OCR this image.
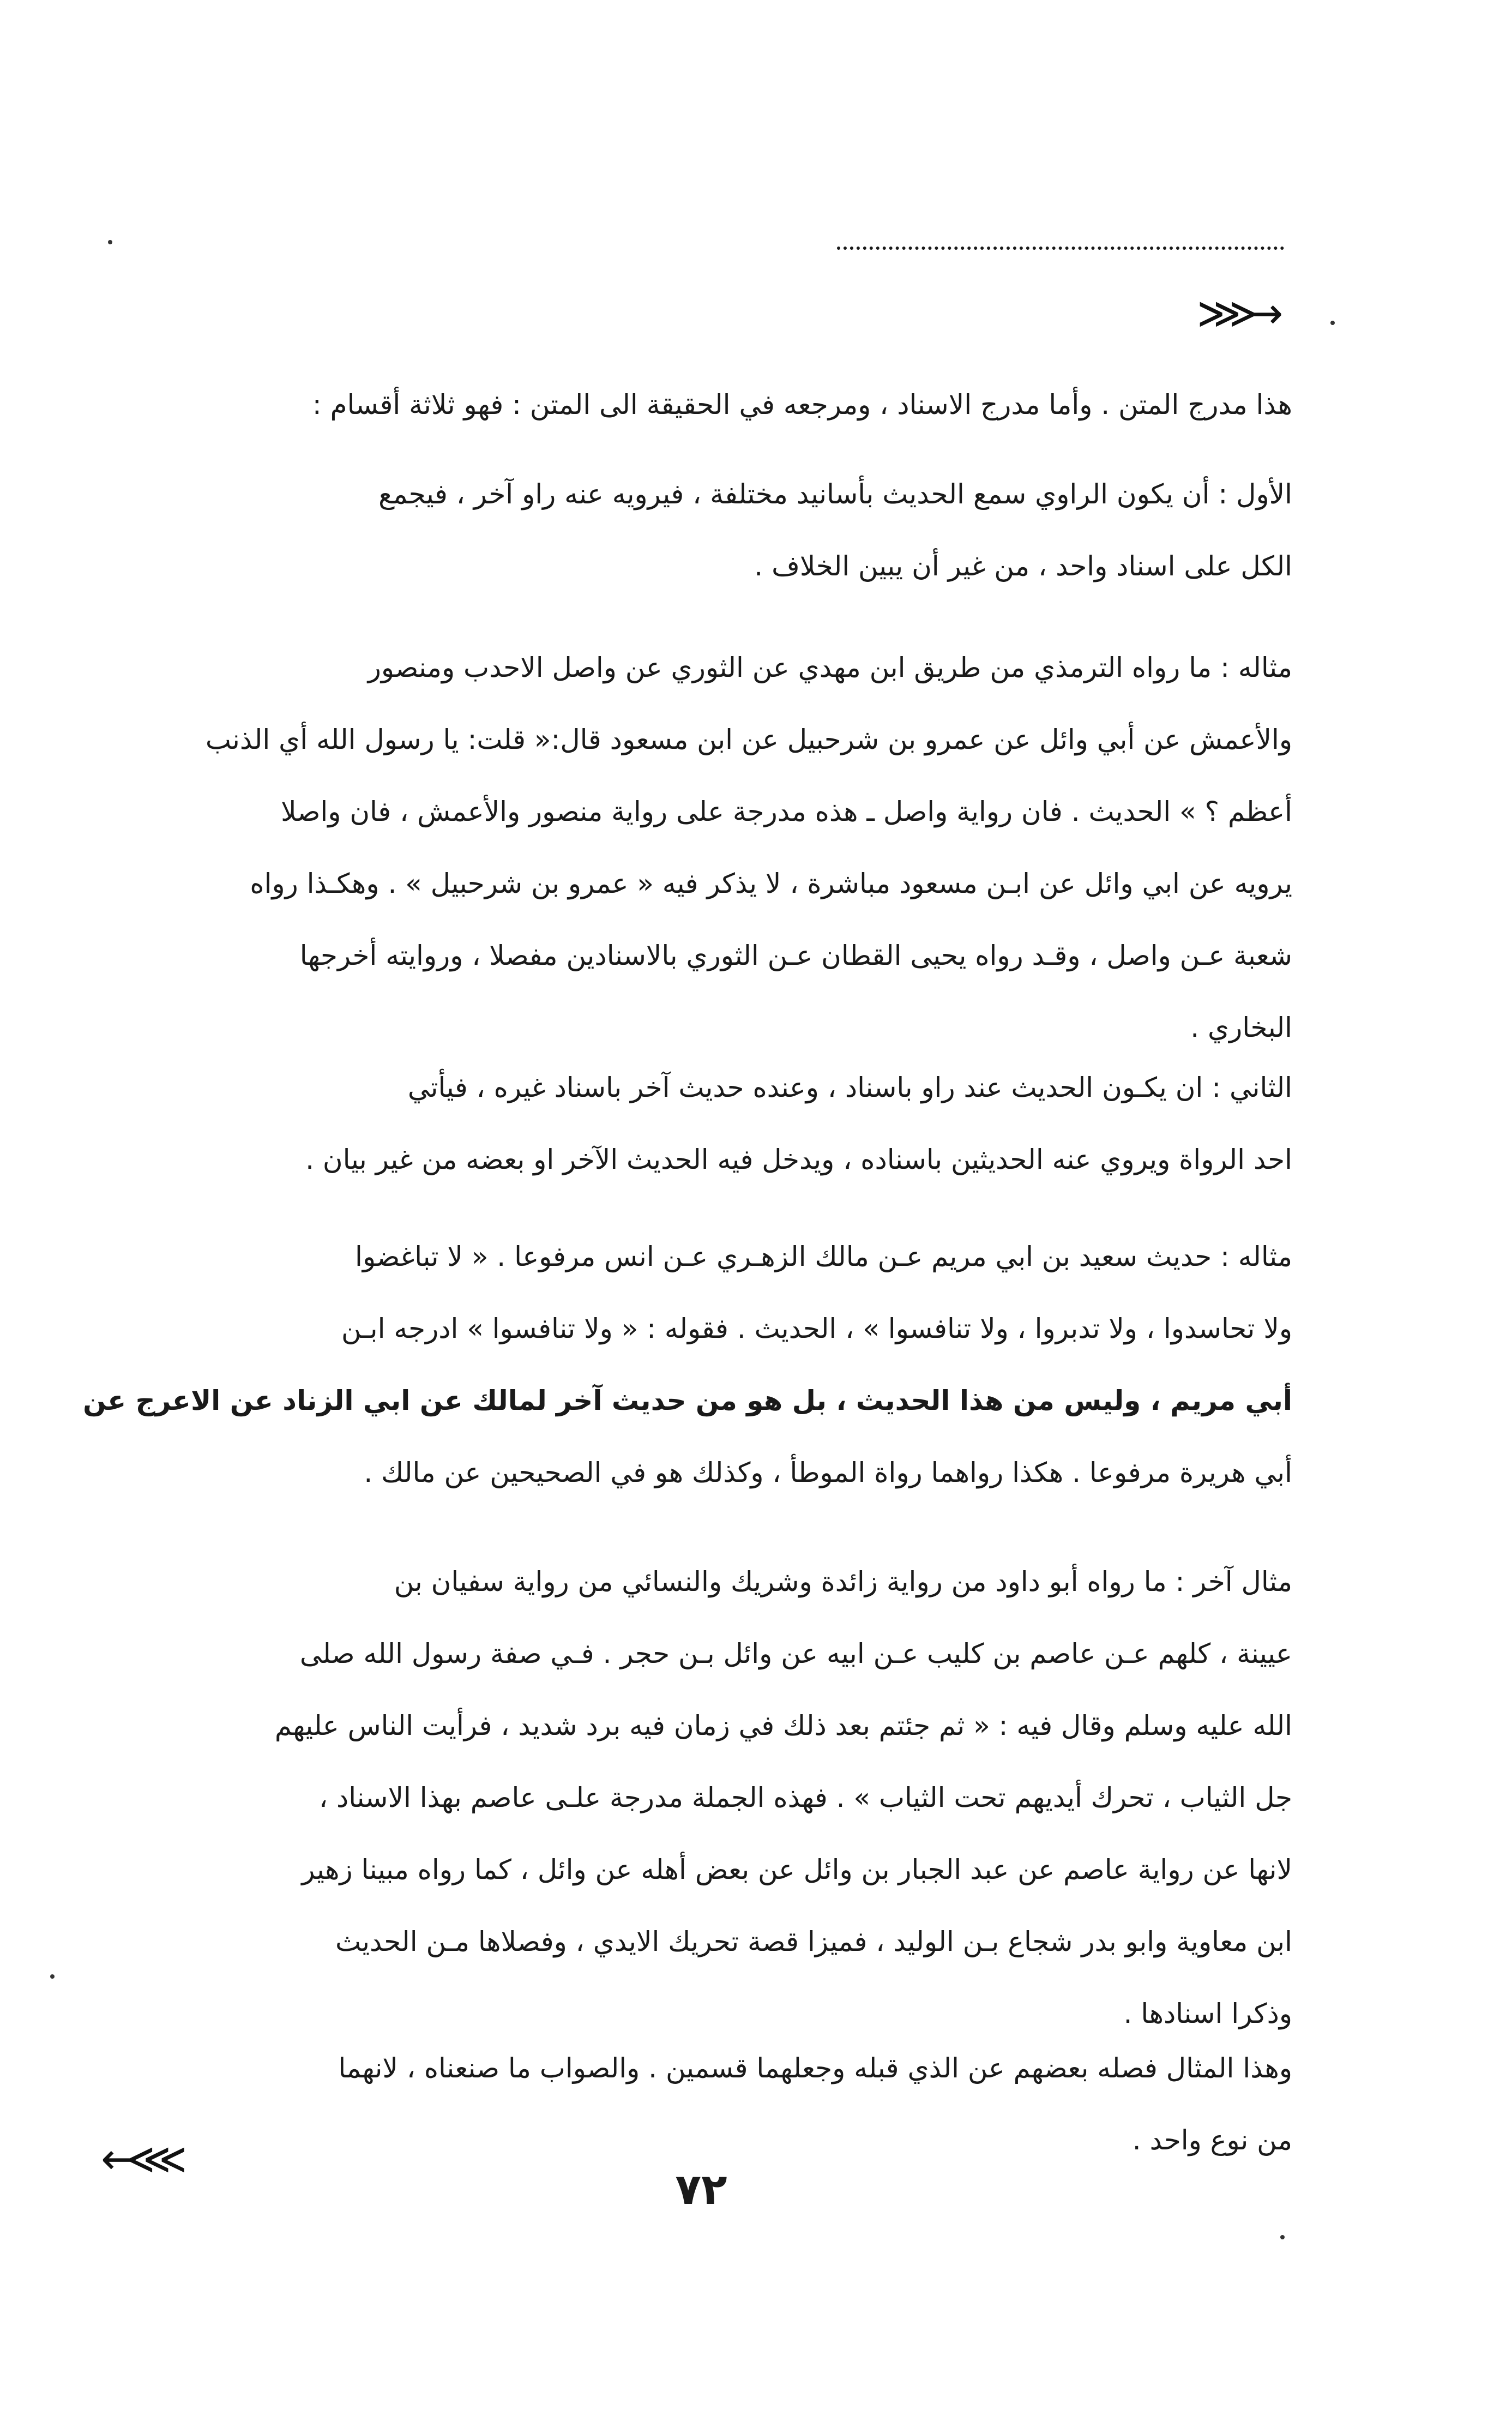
⋙→
هذا مدرج المتن . وأما مدرج الاسناد ، ومرجعه في الحقيقة الى المتن : فهو ثلاثة أقسام :
الأول : أن يكون الراوي سمع الحديث بأسانيد مختلفة ، فيرويه عنه راو آخر ، فيجمع
الكل على اسناد واحد ، من غير أن يبين الخلاف .
مثاله : ما رواه الترمذي من طريق ابن مهدي عن الثوري عن واصل الاحدب ومنصور
والأعمش عن أبي وائل عن عمرو بن شرحبيل عن ابن مسعود قال:« قلت: يا رسول الله أي الذنب
أعظم ؟ » الحديث . فان رواية واصل ـ هذه مدرجة على رواية منصور والأعمش ، فان واصلا
يرويه عن ابي وائل عن ابـن مسعود مباشرة ، لا يذكر فيه « عمرو بن شرحبيل » . وهكـذا رواه
شعبة عـن واصل ، وقـد رواه يحيى القطان عـن الثوري بالاسنادين مفصلا ، وروايته أخرجها
البخاري .
الثاني : ان يكـون الحديث عند راو باسناد ، وعنده حديث آخر باسناد غيره ، فيأتي
احد الرواة ويروي عنه الحديثين باسناده ، ويدخل فيه الحديث الآخر او بعضه من غير بيان .
مثاله : حديث سعيد بن ابي مريم عـن مالك الزهـري عـن انس مرفوعا . « لا تباغضوا
ولا تحاسدوا ، ولا تدبروا ، ولا تنافسوا » ، الحديث . فقوله : « ولا تنافسوا » ادرجه ابـن
أبي مريم ، وليس من هذا الحديث ، بل هو من حديث آخر لمالك عن ابي الزناد عن الاعرج عن
أبي هريرة مرفوعا . هكذا رواهما رواة الموطأ ، وكذلك هو في الصحيحين عن مالك .
مثال آخر : ما رواه أبو داود من رواية زائدة وشريك والنسائي من رواية سفيان بن
عيينة ، كلهم عـن عاصم بن كليب عـن ابيه عن وائل بـن حجر . فـي صفة رسول الله صلى
الله عليه وسلم وقال فيه : « ثم جئتم بعد ذلك في زمان فيه برد شديد ، فرأيت الناس عليهم
جل الثياب ، تحرك أيديهم تحت الثياب » . فهذه الجملة مدرجة علـى عاصم بهذا الاسناد ،
لانها عن رواية عاصم عن عبد الجبار بن وائل عن بعض أهله عن وائل ، كما رواه مبينا زهير
ابن معاوية وابو بدر شجاع بـن الوليد ، فميزا قصة تحريك الايدي ، وفصلاها مـن الحديث
وذكرا اسنادها .
وهذا المثال فصله بعضهم عن الذي قبله وجعلهما قسمين . والصواب ما صنعناه ، لانهما
من نوع واحد .
←⋘
٧٢
